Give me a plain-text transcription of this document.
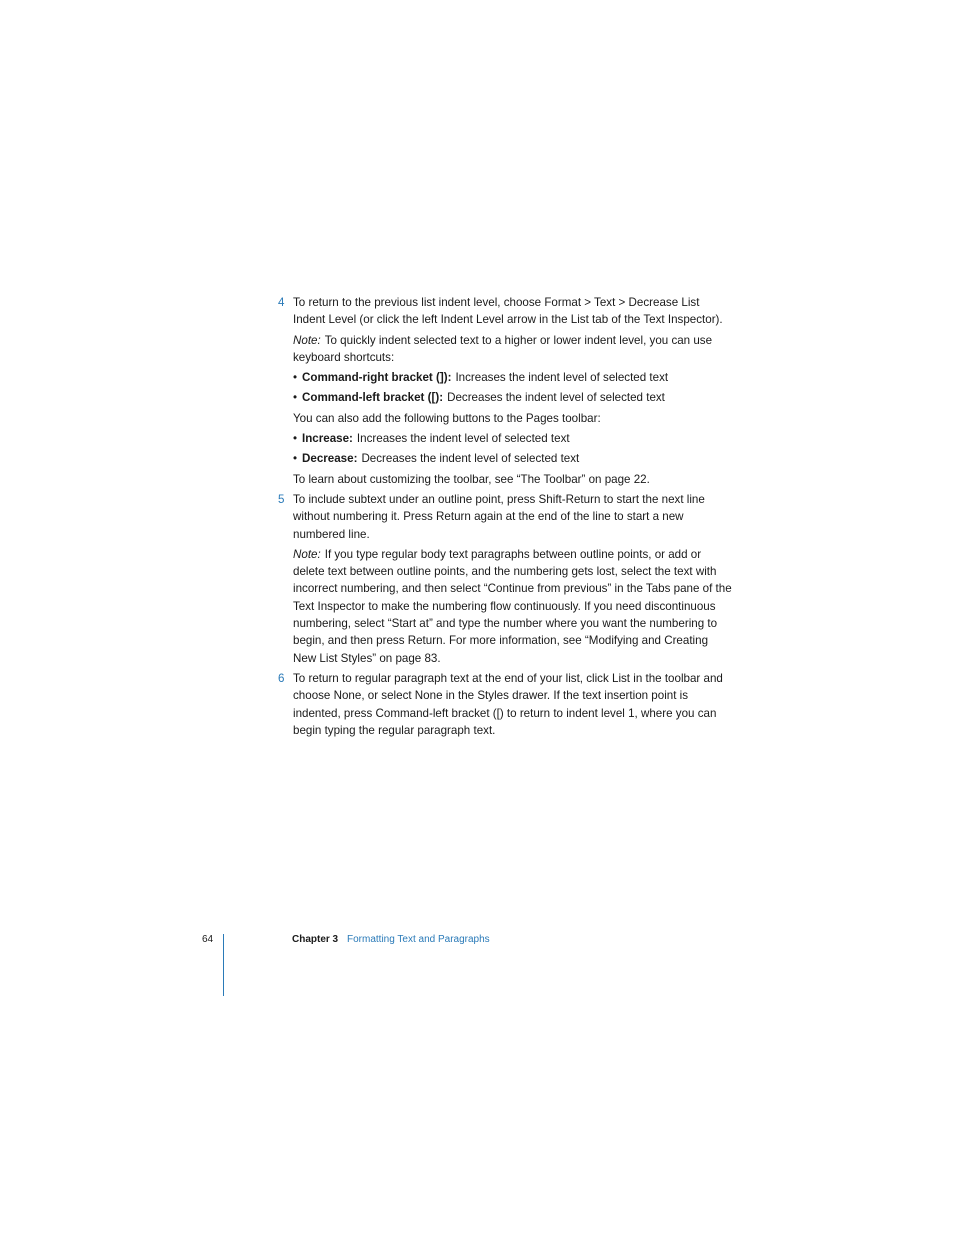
4 To return to the previous list indent level, choose Format > Text > Decrease List Indent Level (or click the left Indent Level arrow in the List tab of the Text Inspector).
Note: To quickly indent selected text to a higher or lower indent level, you can use keyboard shortcuts:
• Command-right bracket (]): Increases the indent level of selected text
• Command-left bracket ([): Decreases the indent level of selected text
You can also add the following buttons to the Pages toolbar:
• Increase: Increases the indent level of selected text
• Decrease: Decreases the indent level of selected text
To learn about customizing the toolbar, see “The Toolbar” on page 22.
5 To include subtext under an outline point, press Shift-Return to start the next line without numbering it. Press Return again at the end of the line to start a new numbered line.
Note: If you type regular body text paragraphs between outline points, or add or delete text between outline points, and the numbering gets lost, select the text with incorrect numbering, and then select “Continue from previous” in the Tabs pane of the Text Inspector to make the numbering flow continuously. If you need discontinuous numbering, select “Start at” and type the number where you want the numbering to begin, and then press Return. For more information, see “Modifying and Creating New List Styles” on page 83.
6 To return to regular paragraph text at the end of your list, click List in the toolbar and choose None, or select None in the Styles drawer. If the text insertion point is indented, press Command-left bracket ([) to return to indent level 1, where you can begin typing the regular paragraph text.
64	Chapter 3 Formatting Text and Paragraphs
